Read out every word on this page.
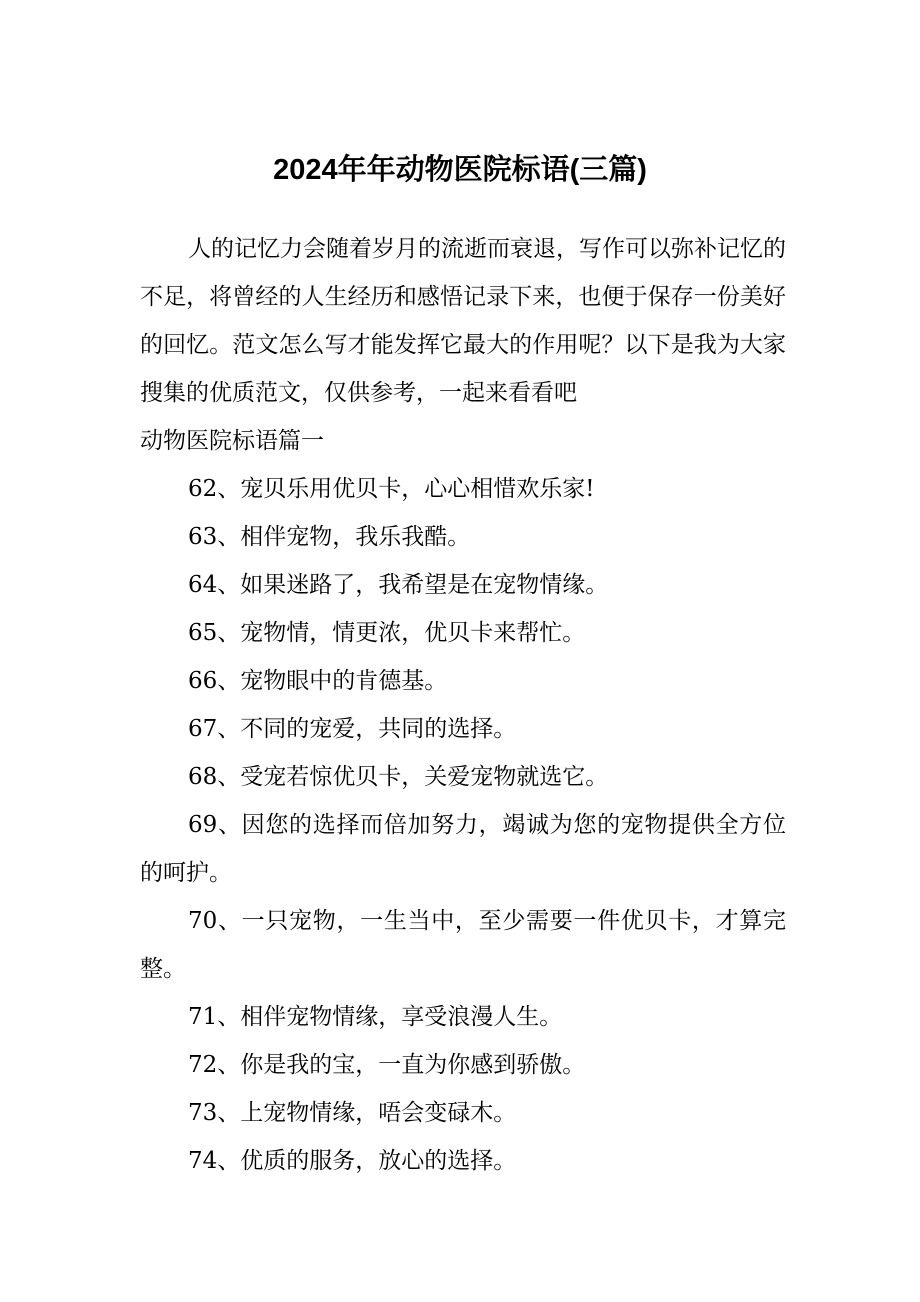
2024年年动物医院标语(三篇)

人的记忆力会随着岁月的流逝而衰退，写作可以弥补记忆的不足，将曾经的人生经历和感悟记录下来，也便于保存一份美好的回忆。范文怎么写才能发挥它最大的作用呢？以下是我为大家搜集的优质范文，仅供参考，一起来看看吧

动物医院标语篇一

62、宠贝乐用优贝卡，心心相惜欢乐家!

63、相伴宠物，我乐我酷。

64、如果迷路了，我希望是在宠物情缘。

65、宠物情，情更浓，优贝卡来帮忙。

66、宠物眼中的肯德基。

67、不同的宠爱，共同的选择。

68、受宠若惊优贝卡，关爱宠物就选它。

69、因您的选择而倍加努力，竭诚为您的宠物提供全方位的呵护。

70、一只宠物，一生当中，至少需要一件优贝卡，才算完整。

71、相伴宠物情缘，享受浪漫人生。

72、你是我的宝，一直为你感到骄傲。

73、上宠物情缘，唔会变碌木。

74、优质的服务，放心的选择。
